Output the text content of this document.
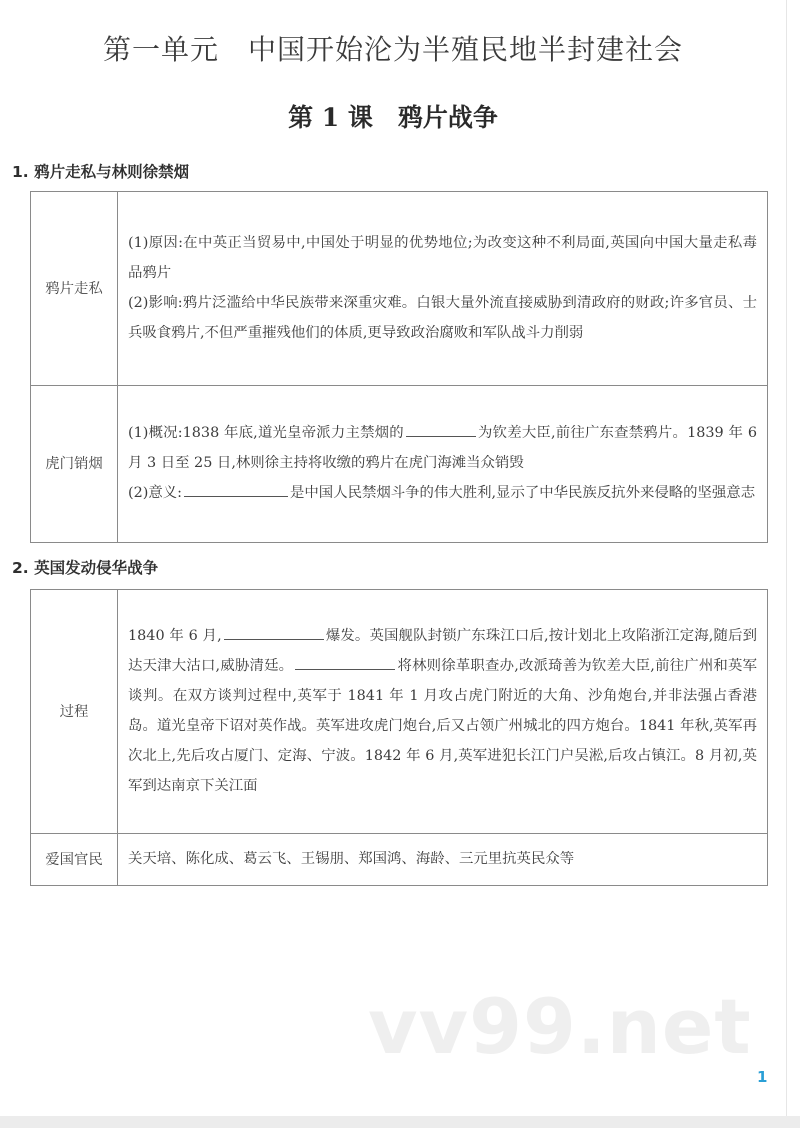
第一单元　中国开始沦为半殖民地半封建社会
第 1 课　鸦片战争
1. 鸦片走私与林则徐禁烟
鸦片走私	(1)原因:在中英正当贸易中,中国处于明显的优势地位;为改变这种不利局面,英国向中国大量走私毒品鸦片
(2)影响:鸦片泛滥给中华民族带来深重灾难。白银大量外流直接威胁到清政府的财政;许多官员、士兵吸食鸦片,不但严重摧残他们的体质,更导致政治腐败和军队战斗力削弱

虎门销烟	(1)概况:1838 年底,道光皇帝派力主禁烟的 为钦差大臣,前往广东查禁鸦片。1839 年 6 月 3 日至 25 日,林则徐主持将收缴的鸦片在虎门海滩当众销毁
(2)意义: 是中国人民禁烟斗争的伟大胜利,显示了中华民族反抗外来侵略的坚强意志
2. 英国发动侵华战争
过程	1840 年 6 月, 爆发。英国舰队封锁广东珠江口后,按计划北上攻陷浙江定海,随后到达天津大沽口,威胁清廷。 将林则徐革职查办,改派琦善为钦差大臣,前往广州和英军谈判。在双方谈判过程中,英军于 1841 年 1 月攻占虎门附近的大角、沙角炮台,并非法强占香港岛。道光皇帝下诏对英作战。英军进攻虎门炮台,后又占领广州城北的四方炮台。1841 年秋,英军再次北上,先后攻占厦门、定海、宁波。1842 年 6 月,英军进犯长江门户吴淞,后攻占镇江。8 月初,英军到达南京下关江面

爱国官民	关天培、陈化成、葛云飞、王锡朋、郑国鸿、海龄、三元里抗英民众等
vv99.net
1
